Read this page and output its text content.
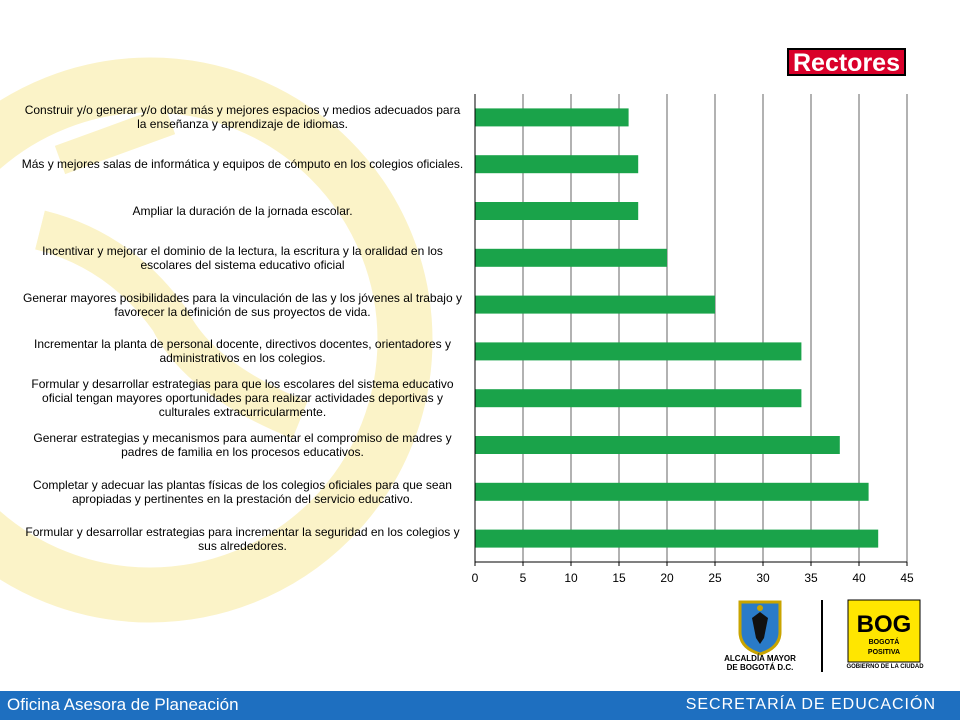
0	5	10	15	20	25	30	35	40	45
Construir y/o generar y/o dotar más y mejores espacios y medios adecuados para la enseñanza y aprendizaje de idiomas.
Más y mejores salas de informática y equipos de cómputo en los colegios oficiales.
Ampliar la duración de la jornada escolar.
Incentivar y mejorar el dominio de la lectura, la escritura y la oralidad en los escolares del sistema educativo oficial
Generar mayores posibilidades para la vinculación de las y los jóvenes al trabajo y favorecer la definición de sus proyectos de vida.
Incrementar la planta de personal docente, directivos docentes, orientadores y administrativos en los colegios.
Formular y desarrollar estrategias para que los escolares del sistema educativo oficial tengan mayores oportunidades para realizar actividades deportivas y culturales extracurricularmente.
Generar estrategias y mecanismos para aumentar el compromiso de madres y padres de familia en los procesos educativos.
Completar y adecuar las plantas físicas de los colegios oficiales para que sean apropiadas y pertinentes en la prestación del servicio educativo.
Formular y desarrollar estrategias para incrementar la seguridad en los colegios y sus alrededores.
Rectores
BOG
BOGOTÁ
POSITIVA
ALCALDÍA MAYOR
DE BOGOTÁ D.C.	GOBIERNO DE LA CIUDAD
Oficina Asesora de Planeación	SECRETARÍA DE EDUCACIÓN
